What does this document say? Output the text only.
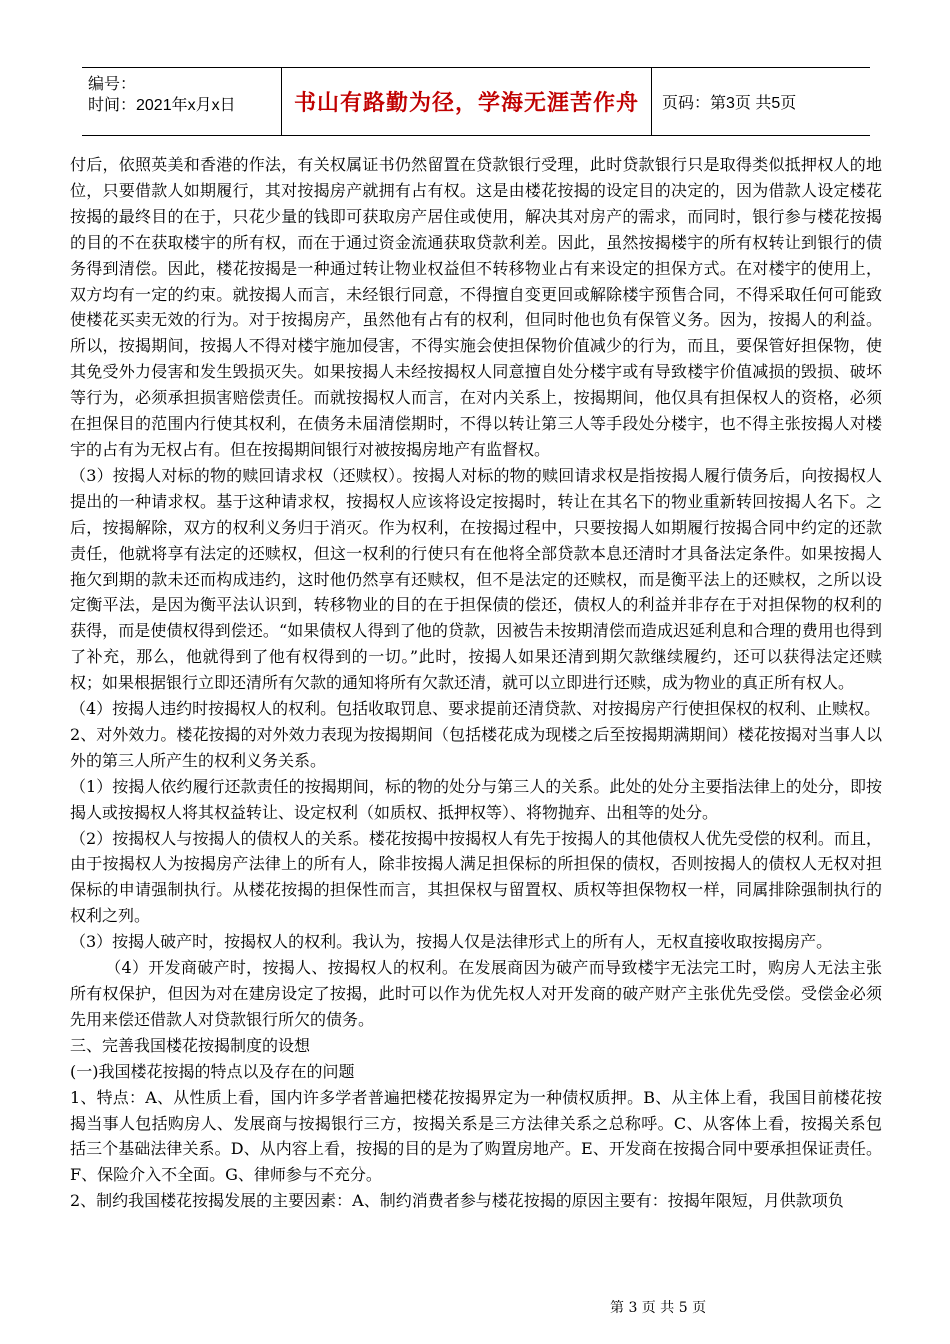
编号：
时间：2021年x月x日	书山有路勤为径，学海无涯苦作舟 页码：第3页 共5页

付后，依照英美和香港的作法，有关权属证书仍然留置在贷款银行受理，此时贷款银行只是取得类似抵押权人的地位，只要借款人如期履行，其对按揭房产就拥有占有权。这是由楼花按揭的设定目的决定的，因为借款人设定楼花按揭的最终目的在于，只花少量的钱即可获取房产居住或使用，解决其对房产的需求，而同时，银行参与楼花按揭的目的不在获取楼宇的所有权，而在于通过资金流通获取贷款利差。因此，虽然按揭楼宇的所有权转让到银行的债务得到清偿。因此，楼花按揭是一种通过转让物业权益但不转移物业占有来设定的担保方式。在对楼宇的使用上，双方均有一定的约束。就按揭人而言，未经银行同意，不得擅自变更回或解除楼宇预售合同，不得采取任何可能致使楼花买卖无效的行为。对于按揭房产，虽然他有占有的权利，但同时他也负有保管义务。因为，按揭人的利益。所以，按揭期间，按揭人不得对楼宇施加侵害，不得实施会使担保物价值减少的行为，而且，要保管好担保物，使其免受外力侵害和发生毁损灭失。如果按揭人未经按揭权人同意擅自处分楼宇或有导致楼宇价值减损的毁损、破坏等行为，必须承担损害赔偿责任。而就按揭权人而言，在对内关系上，按揭期间，他仅具有担保权人的资格，必须在担保目的范围内行使其权利，在债务未届清偿期时，不得以转让第三人等手段处分楼宇，也不得主张按揭人对楼宇的占有为无权占有。但在按揭期间银行对被按揭房地产有监督权。

（3）按揭人对标的物的赎回请求权（还赎权）。按揭人对标的物的赎回请求权是指按揭人履行债务后，向按揭权人提出的一种请求权。基于这种请求权，按揭权人应该将设定按揭时，转让在其名下的物业重新转回按揭人名下。之后，按揭解除，双方的权利义务归于消灭。作为权利，在按揭过程中，只要按揭人如期履行按揭合同中约定的还款责任，他就将享有法定的还赎权，但这一权利的行使只有在他将全部贷款本息还清时才具备法定条件。如果按揭人拖欠到期的款未还而构成违约，这时他仍然享有还赎权，但不是法定的还赎权，而是衡平法上的还赎权，之所以设定衡平法，是因为衡平法认识到，转移物业的目的在于担保债的偿还，债权人的利益并非存在于对担保物的权利的获得，而是使债权得到偿还。“如果债权人得到了他的贷款，因被告未按期清偿而造成迟延利息和合理的费用也得到了补充，那么，他就得到了他有权得到的一切。”此时，按揭人如果还清到期欠款继续履约，还可以获得法定还赎权；如果根据银行立即还清所有欠款的通知将所有欠款还清，就可以立即进行还赎，成为物业的真正所有权人。

（4）按揭人违约时按揭权人的权利。包括收取罚息、要求提前还清贷款、对按揭房产行使担保权的权利、止赎权。

2、对外效力。楼花按揭的对外效力表现为按揭期间（包括楼花成为现楼之后至按揭期满期间）楼花按揭对当事人以外的第三人所产生的权利义务关系。

（1）按揭人依约履行还款责任的按揭期间，标的物的处分与第三人的关系。此处的处分主要指法律上的处分，即按揭人或按揭权人将其权益转让、设定权利（如质权、抵押权等）、将物抛弃、出租等的处分。

（2）按揭权人与按揭人的债权人的关系。楼花按揭中按揭权人有先于按揭人的其他债权人优先受偿的权利。而且，由于按揭权人为按揭房产法律上的所有人，除非按揭人满足担保标的所担保的债权，否则按揭人的债权人无权对担保标的申请强制执行。从楼花按揭的担保性而言，其担保权与留置权、质权等担保物权一样，同属排除强制执行的权利之列。

（3）按揭人破产时，按揭权人的权利。我认为，按揭人仅是法律形式上的所有人，无权直接收取按揭房产。

（4）开发商破产时，按揭人、按揭权人的权利。在发展商因为破产而导致楼宇无法完工时，购房人无法主张所有权保护，但因为对在建房设定了按揭，此时可以作为优先权人对开发商的破产财产主张优先受偿。受偿金必须先用来偿还借款人对贷款银行所欠的债务。

三、完善我国楼花按揭制度的设想

(一)我国楼花按揭的特点以及存在的问题

1、特点：A、从性质上看，国内许多学者普遍把楼花按揭界定为一种债权质押。B、从主体上看，我国目前楼花按揭当事人包括购房人、发展商与按揭银行三方，按揭关系是三方法律关系之总称呼。C、从客体上看，按揭关系包括三个基础法律关系。D、从内容上看，按揭的目的是为了购置房地产。E、开发商在按揭合同中要承担保证责任。F、保险介入不全面。G、律师参与不充分。

2、制约我国楼花按揭发展的主要因素：A、制约消费者参与楼花按揭的原因主要有：按揭年限短，月供款项负

第 3 页 共 5 页
